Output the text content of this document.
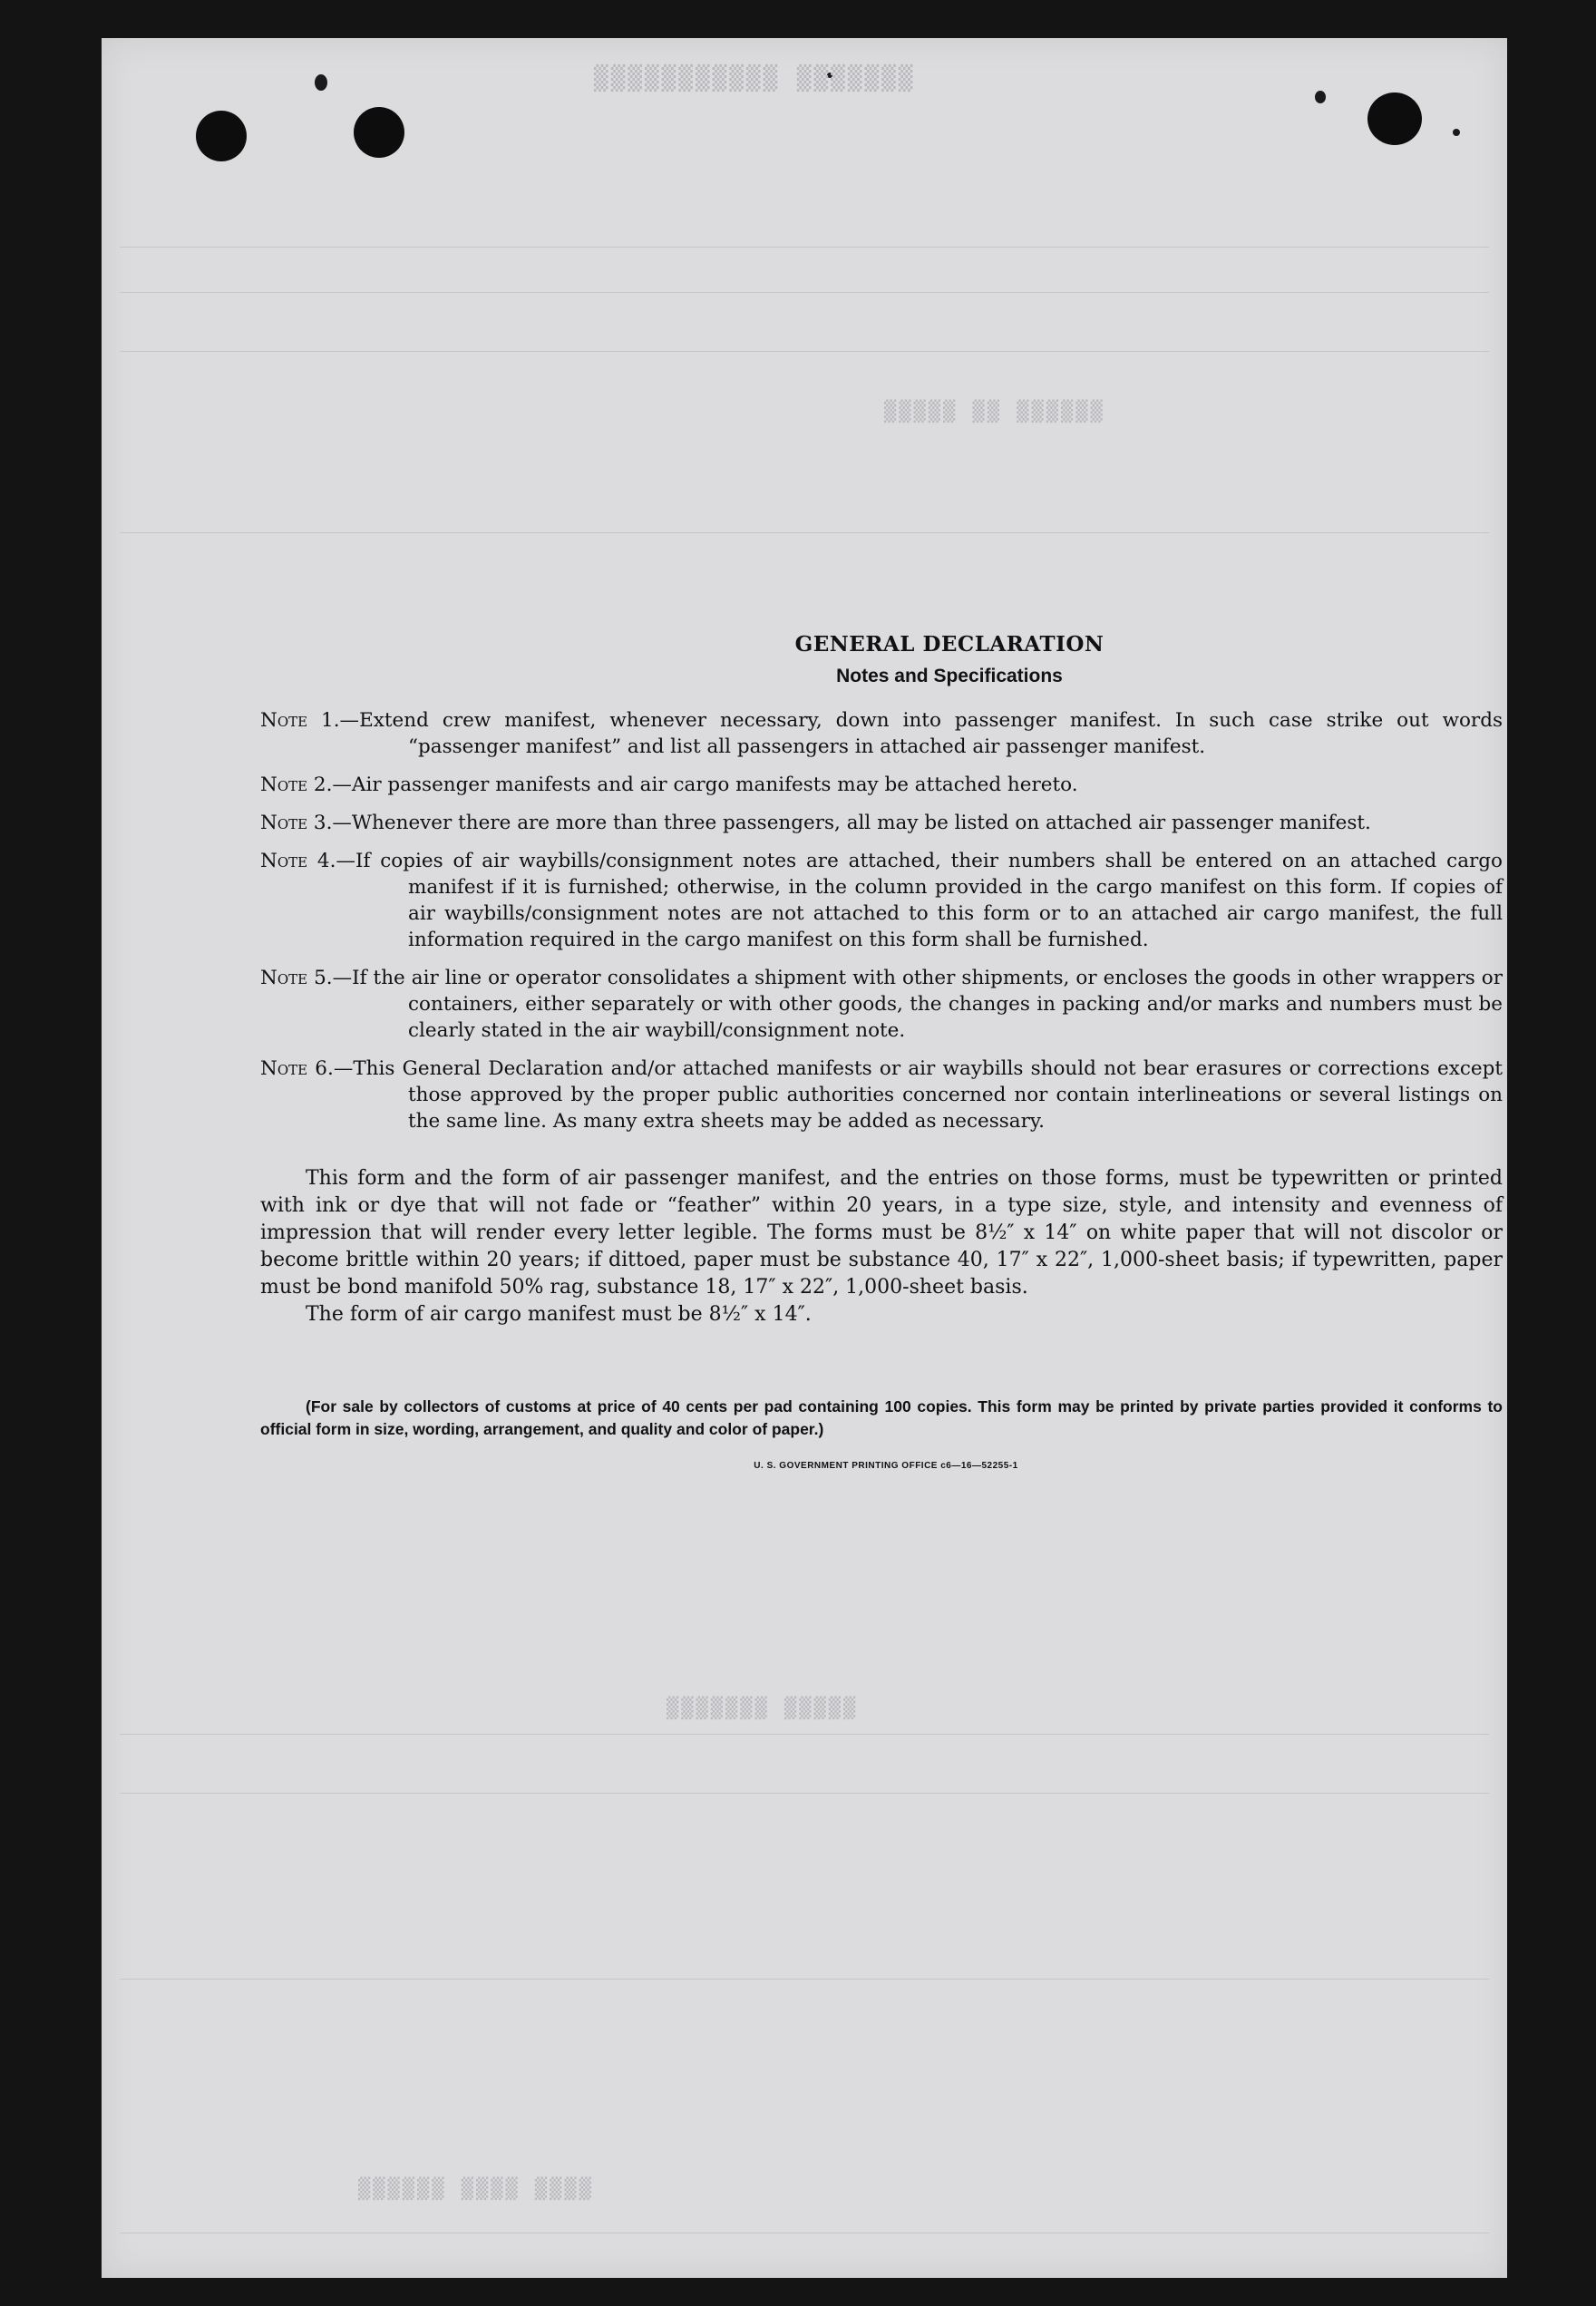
▒▒▒▒▒▒▒ ▒▒▒▒▒▒▒▒▒▒▒
▒▒▒▒▒▒ ▒▒ ▒▒▒▒▒
▒▒▒▒▒ ▒▒▒▒▒▒▒
▒▒▒▒ ▒▒▒▒ ▒▒▒▒▒▒
GENERAL DECLARATION
Notes and Specifications
Note 1.—Extend crew manifest, whenever necessary, down into passenger manifest. In such case strike out words “passenger manifest” and list all passengers in attached air passenger manifest.
Note 2.—Air passenger manifests and air cargo manifests may be attached hereto.
Note 3.—Whenever there are more than three passengers, all may be listed on attached air passenger manifest.
Note 4.—If copies of air waybills/consignment notes are attached, their numbers shall be entered on an attached cargo manifest if it is furnished; otherwise, in the column provided in the cargo manifest on this form. If copies of air waybills/consignment notes are not attached to this form or to an attached air cargo manifest, the full information required in the cargo manifest on this form shall be furnished.
Note 5.—If the air line or operator consolidates a shipment with other shipments, or encloses the goods in other wrappers or containers, either separately or with other goods, the changes in packing and/or marks and numbers must be clearly stated in the air waybill/consignment note.
Note 6.—This General Declaration and/or attached manifests or air waybills should not bear erasures or corrections except those approved by the proper public authorities concerned nor contain interlineations or several listings on the same line. As many extra sheets may be added as necessary.

This form and the form of air passenger manifest, and the entries on those forms, must be typewritten or printed with ink or dye that will not fade or “feather” within 20 years, in a type size, style, and intensity and evenness of impression that will render every letter legible. The forms must be 8½″ x 14″ on white paper that will not discolor or become brittle within 20 years; if dittoed, paper must be substance 40, 17″ x 22″, 1,000-sheet basis; if typewritten, paper must be bond manifold 50% rag, substance 18, 17″ x 22″, 1,000-sheet basis.

The form of air cargo manifest must be 8½″ x 14″.

(For sale by collectors of customs at price of 40 cents per pad containing 100 copies. This form may be printed by private parties provided it conforms to official form in size, wording, arrangement, and quality and color of paper.)

U. S. GOVERNMENT PRINTING OFFICE c6—16—52255-1
